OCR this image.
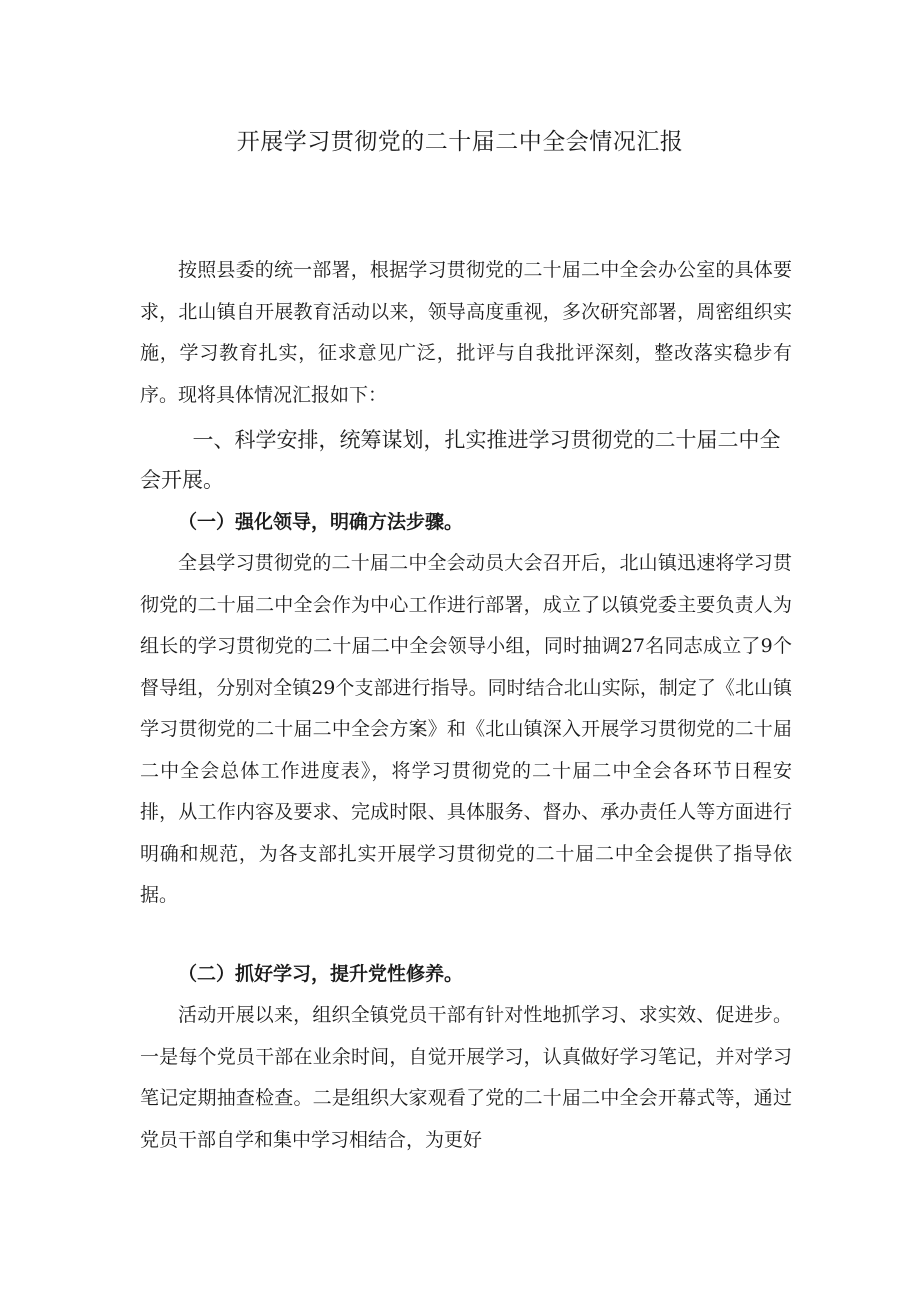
开展学习贯彻党的二十届二中全会情况汇报

按照县委的统一部署，根据学习贯彻党的二十届二中全会办公室的具体要求，北山镇自开展教育活动以来，领导高度重视，多次研究部署，周密组织实施，学习教育扎实，征求意见广泛，批评与自我批评深刻，整改落实稳步有序。现将具体情况汇报如下：

一、科学安排，统筹谋划，扎实推进学习贯彻党的二十届二中全会开展。
（一）强化领导，明确方法步骤。

全县学习贯彻党的二十届二中全会动员大会召开后，北山镇迅速将学习贯彻党的二十届二中全会作为中心工作进行部署，成立了以镇党委主要负责人为组长的学习贯彻党的二十届二中全会领导小组，同时抽调27名同志成立了9个督导组，分别对全镇29个支部进行指导。同时结合北山实际，制定了《北山镇学习贯彻党的二十届二中全会方案》和《北山镇深入开展学习贯彻党的二十届二中全会总体工作进度表》，将学习贯彻党的二十届二中全会各环节日程安排，从工作内容及要求、完成时限、具体服务、督办、承办责任人等方面进行明确和规范，为各支部扎实开展学习贯彻党的二十届二中全会提供了指导依据。

（二）抓好学习，提升党性修养。

活动开展以来，组织全镇党员干部有针对性地抓学习、求实效、促进步。一是每个党员干部在业余时间，自觉开展学习，认真做好学习笔记，并对学习笔记定期抽查检查。二是组织大家观看了党的二十届二中全会开幕式等，通过党员干部自学和集中学习相结合，为更好
